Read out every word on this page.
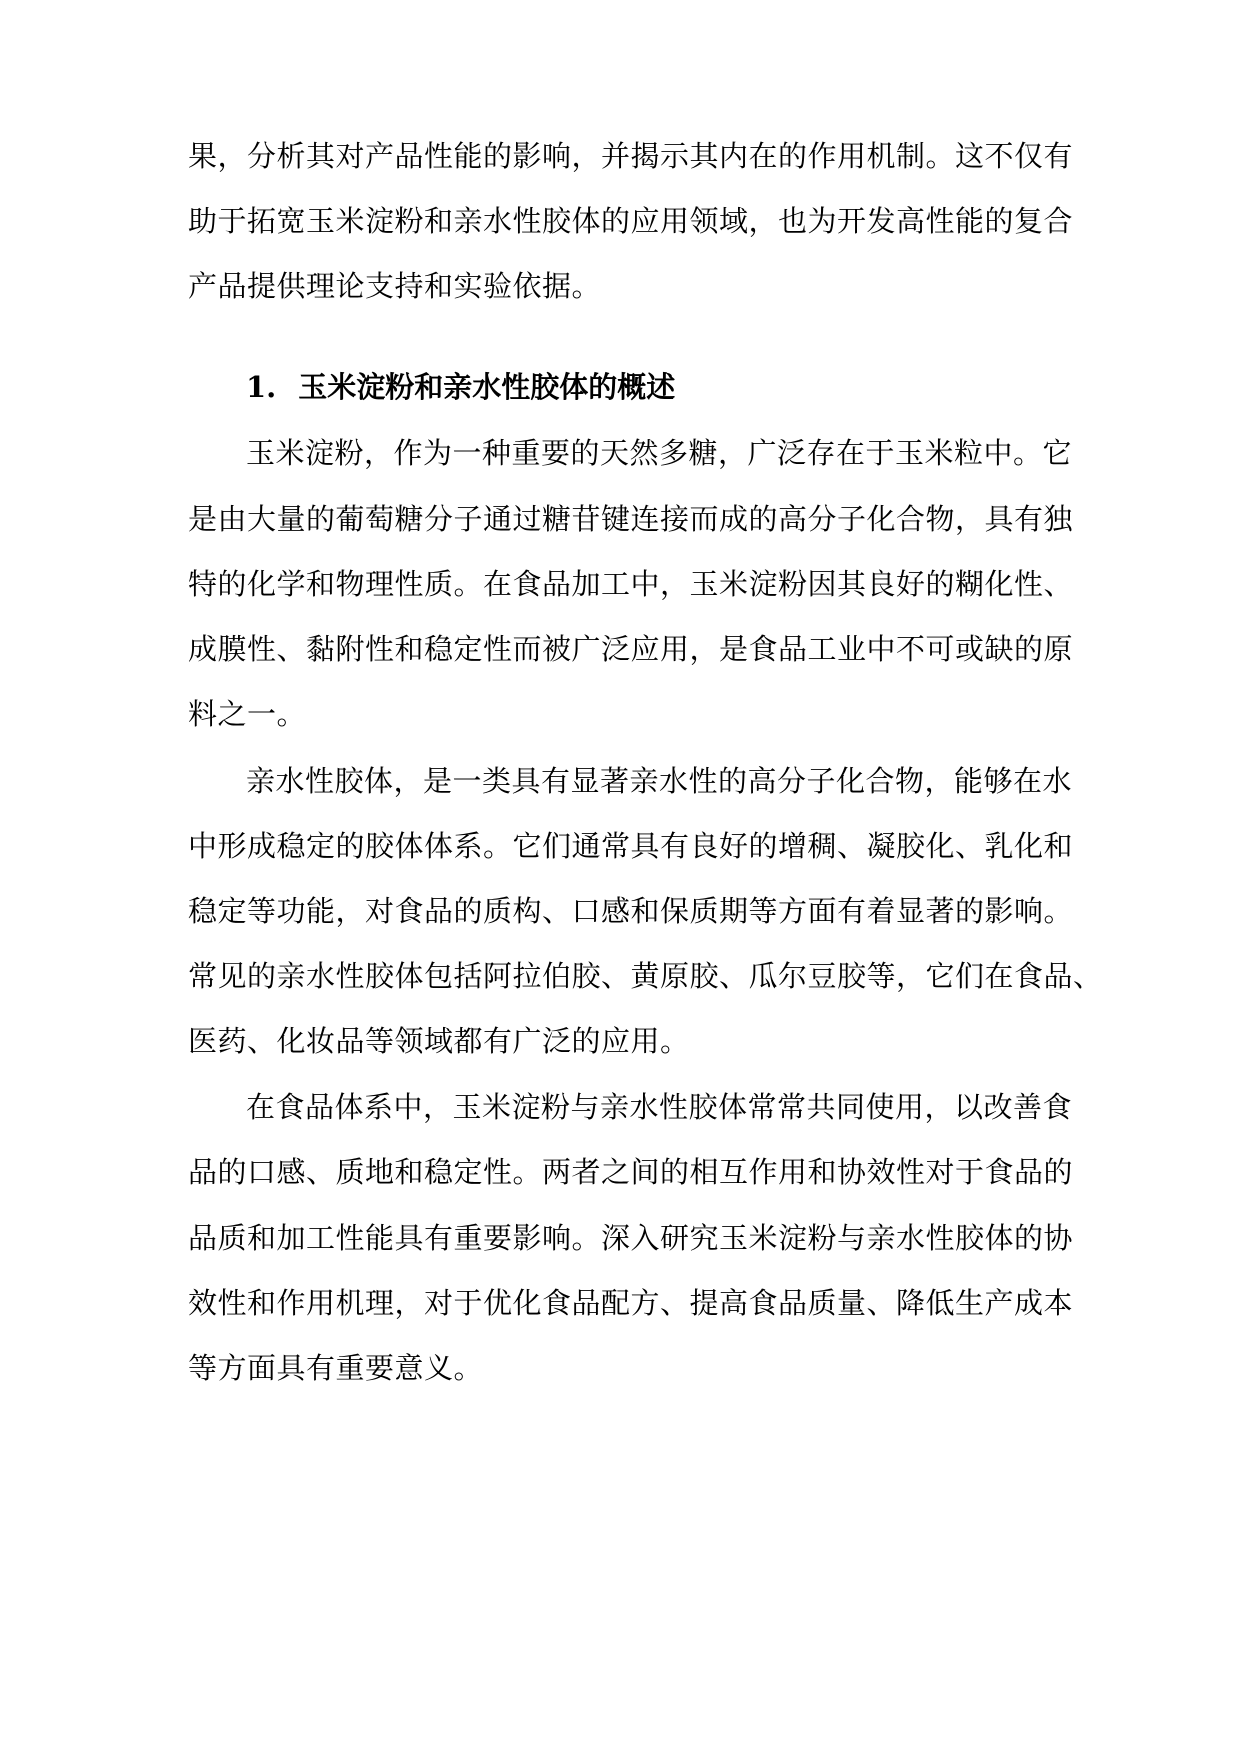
果，分析其对产品性能的影响，并揭示其内在的作用机制。这不仅有
助于拓宽玉米淀粉和亲水性胶体的应用领域，也为开发高性能的复合
产品提供理论支持和实验依据。
1. 玉米淀粉和亲水性胶体的概述
玉米淀粉，作为一种重要的天然多糖，广泛存在于玉米粒中。它
是由大量的葡萄糖分子通过糖苷键连接而成的高分子化合物，具有独
特的化学和物理性质。在食品加工中，玉米淀粉因其良好的糊化性、
成膜性、黏附性和稳定性而被广泛应用，是食品工业中不可或缺的原
料之一。
亲水性胶体，是一类具有显著亲水性的高分子化合物，能够在水
中形成稳定的胶体体系。它们通常具有良好的增稠、凝胶化、乳化和
稳定等功能，对食品的质构、口感和保质期等方面有着显著的影响。
常见的亲水性胶体包括阿拉伯胶、黄原胶、瓜尔豆胶等，它们在食品、
医药、化妆品等领域都有广泛的应用。
在食品体系中，玉米淀粉与亲水性胶体常常共同使用，以改善食
品的口感、质地和稳定性。两者之间的相互作用和协效性对于食品的
品质和加工性能具有重要影响。深入研究玉米淀粉与亲水性胶体的协
效性和作用机理，对于优化食品配方、提高食品质量、降低生产成本
等方面具有重要意义。
